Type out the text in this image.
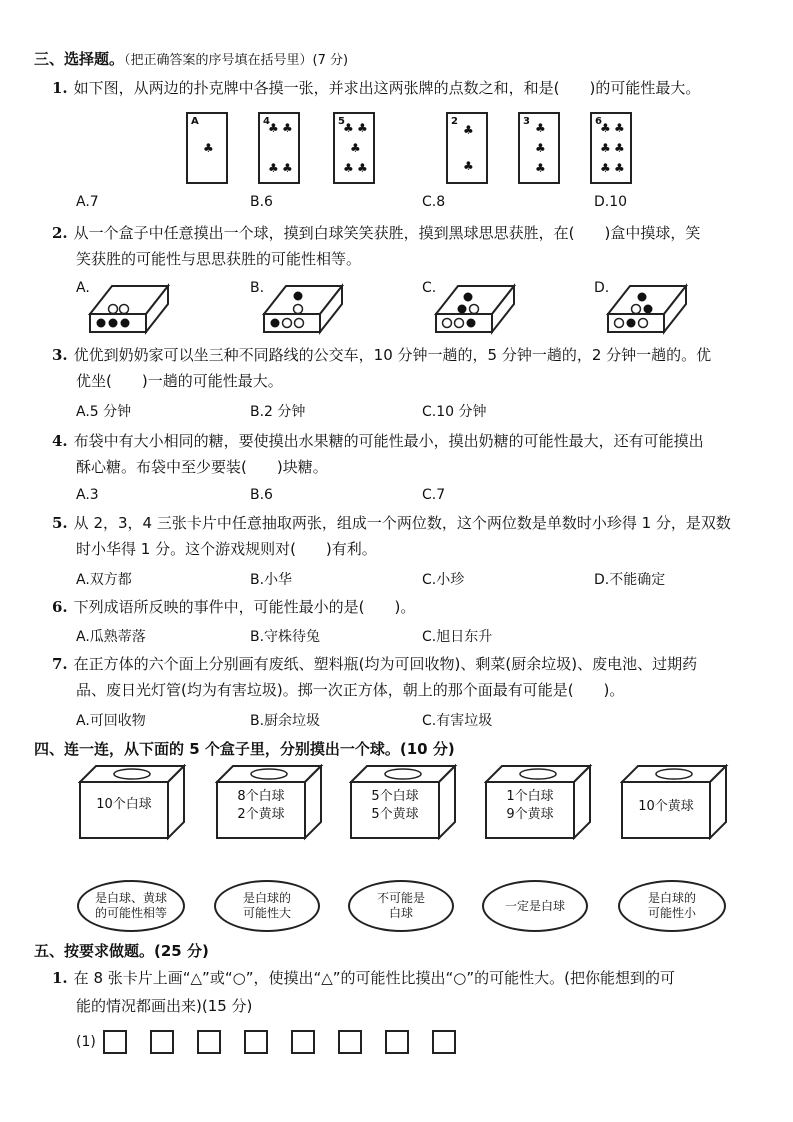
三、选择题。（把正确答案的序号填在括号里）(7 分)
1. 如下图，从两边的扑克牌中各摸一张，并求出这两张牌的点数之和，和是(　　)的可能性最大。
A
♣
4
♣ ♣
♣ ♣
5
♣ ♣
♣
♣ ♣
2
♣
♣
3 ♣
♣
♣
6
♣ ♣
♣ ♣
♣ ♣
A.7	B.6	C.8	D.10
2. 从一个盒子中任意摸出一个球，摸到白球笑笑获胜，摸到黑球思思获胜，在(　　)盒中摸球，笑
笑获胜的可能性与思思获胜的可能性相等。
A.	B.	C.	D.
3. 优优到奶奶家可以坐三种不同路线的公交车，10 分钟一趟的，5 分钟一趟的，2 分钟一趟的。优
优坐(　　)一趟的可能性最大。
A.5 分钟	B.2 分钟	C.10 分钟
4. 布袋中有大小相同的糖，要使摸出水果糖的可能性最小，摸出奶糖的可能性最大，还有可能摸出
酥心糖。布袋中至少要装(　　)块糖。
A.3	B.6	C.7
5. 从 2，3，4 三张卡片中任意抽取两张，组成一个两位数，这个两位数是单数时小珍得 1 分，是双数
时小华得 1 分。这个游戏规则对(　　)有利。
A.双方都	B.小华	C.小珍	D.不能确定
6. 下列成语所反映的事件中，可能性最小的是(　　)。
A.瓜熟蒂落	B.守株待兔	C.旭日东升
7. 在正方体的六个面上分别画有废纸、塑料瓶(均为可回收物)、剩菜(厨余垃圾)、废电池、过期药
品、废日光灯管(均为有害垃圾)。掷一次正方体，朝上的那个面最有可能是(　　)。
A.可回收物	B.厨余垃圾	C.有害垃圾
四、连一连，从下面的 5 个盒子里，分别摸出一个球。(10 分)
10个白球
8个白球
2个黄球
5个白球
5个黄球
1个白球
9个黄球
10个黄球
是白球、黄球
的可能性相等
是白球的
可能性大
不可能是
白球
一定是白球
是白球的
可能性小
五、按要求做题。(25 分)
1. 在 8 张卡片上画“△”或“○”，使摸出“△”的可能性比摸出“○”的可能性大。(把你能想到的可
能的情况都画出来)(15 分)
(1)
